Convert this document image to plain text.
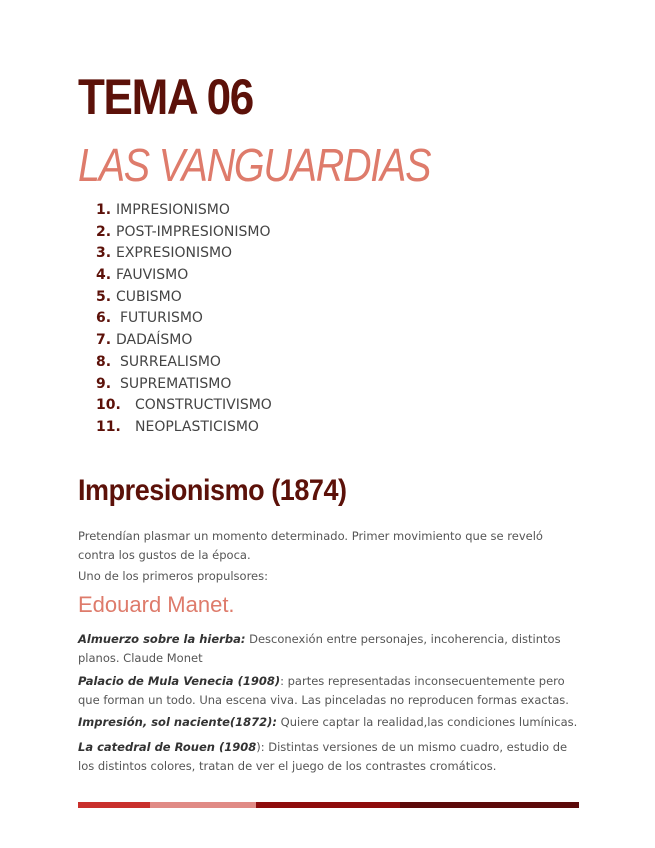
TEMA 06
LAS VANGUARDIAS
1. IMPRESIONISMO
2. POST-IMPRESIONISMO
3. EXPRESIONISMO
4. FAUVISMO
5. CUBISMO
6. FUTURISMO
7. DADAÍSMO
8. SURREALISMO
9. SUPREMATISMO
10. CONSTRUCTIVISMO
11. NEOPLASTICISMO
Impresionismo (1874)

Pretendían plasmar un momento determinado. Primer movimiento que se reveló contra los gustos de la época.

Uno de los primeros propulsores:

Edouard Manet.

Almuerzo sobre la hierba: Desconexión entre personajes, incoherencia, distintos planos. Claude Monet

Palacio de Mula Venecia (1908): partes representadas inconsecuentemente pero que forman un todo. Una escena viva. Las pinceladas no reproducen formas exactas.

Impresión, sol naciente(1872): Quiere captar la realidad,las condiciones lumínicas.

La catedral de Rouen (1908): Distintas versiones de un mismo cuadro, estudio de los distintos colores, tratan de ver el juego de los contrastes cromáticos.
